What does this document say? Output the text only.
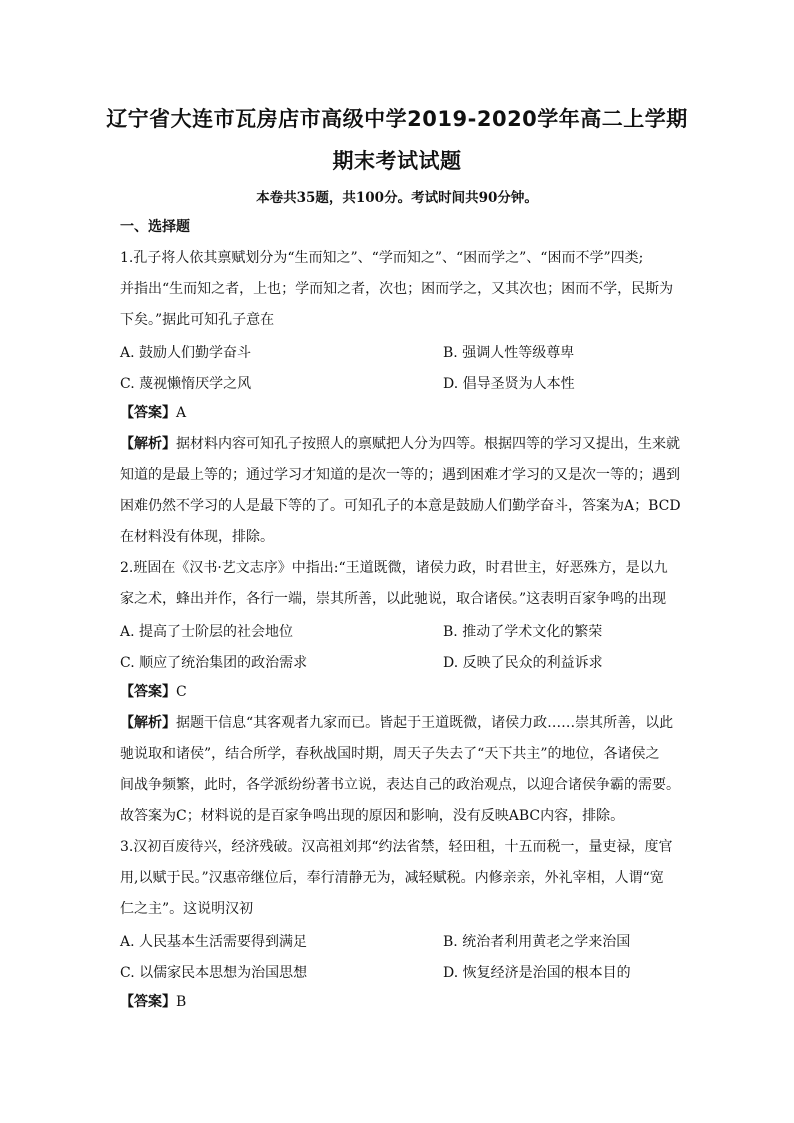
辽宁省大连市瓦房店市高级中学2019-2020学年高二上学期
期末考试试题
本卷共35题，共100分。考试时间共90分钟。
一、选择题
1.孔子将人依其禀赋划分为“生而知之”、“学而知之”、“困而学之”、“困而不学”四类;
并指出“生而知之者，上也；学而知之者，次也；困而学之，又其次也；困而不学，民斯为
下矣。”据此可知孔子意在
A. 鼓励人们勤学奋斗	B. 强调人性等级尊卑
C. 蔑视懒惰厌学之风	D. 倡导圣贤为人本性
【答案】A
【解析】据材料内容可知孔子按照人的禀赋把人分为四等。根据四等的学习又提出，生来就
知道的是最上等的；通过学习才知道的是次一等的；遇到困难才学习的又是次一等的；遇到
困难仍然不学习的人是最下等的了。可知孔子的本意是鼓励人们勤学奋斗，答案为A；BCD
在材料没有体现，排除。
2.班固在《汉书·艺文志序》中指出:“王道既微，诸侯力政，时君世主，好恶殊方，是以九
家之术，蜂出并作，各行一端，崇其所善，以此驰说，取合诸侯。”这表明百家争鸣的出现
A. 提高了士阶层的社会地位	B. 推动了学术文化的繁荣
C. 顺应了统治集团的政治需求	D. 反映了民众的利益诉求
【答案】C
【解析】据题干信息“其客观者九家而已。皆起于王道既微，诸侯力政……崇其所善，以此
驰说取和诸侯”，结合所学，春秋战国时期，周天子失去了“天下共主”的地位，各诸侯之
间战争频繁，此时，各学派纷纷著书立说，表达自己的政治观点，以迎合诸侯争霸的需要。
故答案为C；材料说的是百家争鸣出现的原因和影响，没有反映ABC内容，排除。
3.汉初百废待兴，经济残破。汉高祖刘邦“约法省禁，轻田租，十五而税一，量吏禄，度官
用,以赋于民。”汉惠帝继位后，奉行清静无为，减轻赋税。内修亲亲，外礼宰相，人谓“宽
仁之主”。这说明汉初
A. 人民基本生活需要得到满足	B. 统治者利用黄老之学来治国
C. 以儒家民本思想为治国思想	D. 恢复经济是治国的根本目的
【答案】B
